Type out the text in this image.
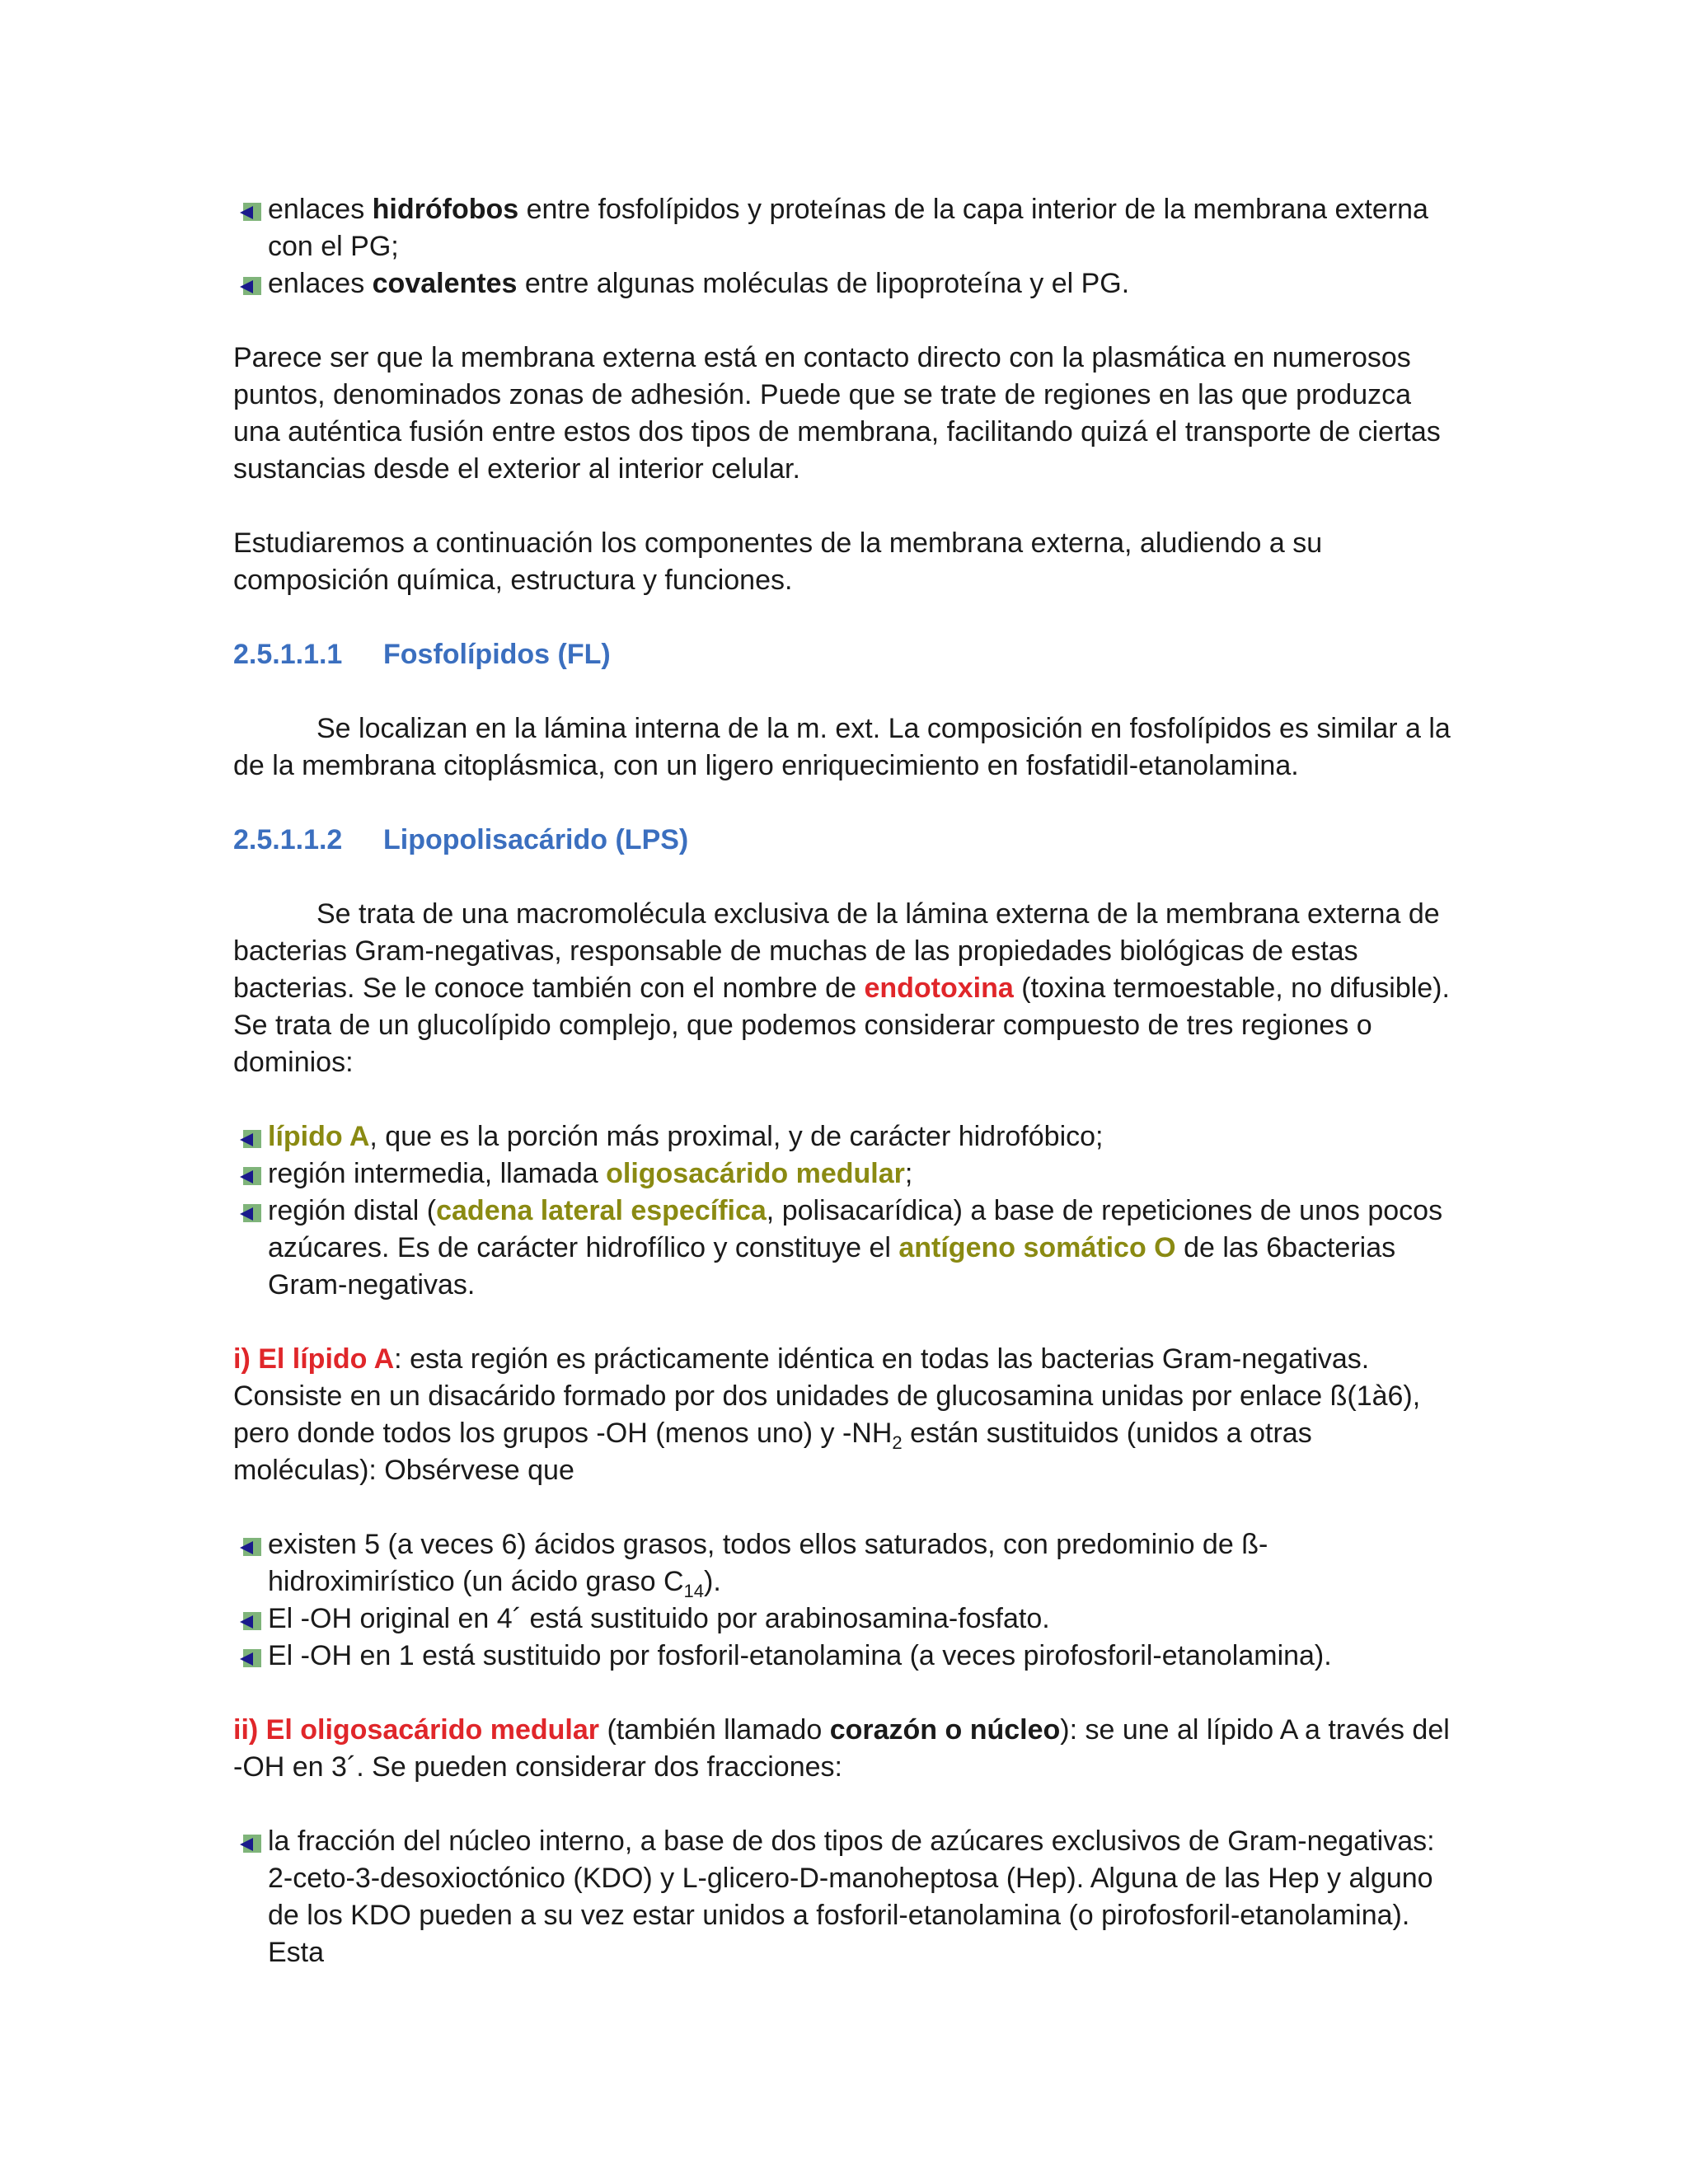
enlaces hidrófobos entre fosfolípidos y proteínas de la capa interior de la membrana externa con el PG;
enlaces covalentes entre algunas moléculas de lipoproteína y el PG.

Parece ser que la membrana externa está en contacto directo con la plasmática en numerosos puntos, denominados zonas de adhesión. Puede que se trate de regiones en las que produzca una auténtica fusión entre estos dos tipos de membrana, facilitando quizá el transporte de ciertas sustancias desde el exterior al interior celular.

Estudiaremos a continuación los componentes de la membrana externa, aludiendo a su composición química, estructura y funciones.

2.5.1.1.1 Fosfolípidos (FL)

Se localizan en la lámina interna de la m. ext. La composición en fosfolípidos es similar a la de la membrana citoplásmica, con un ligero enriquecimiento en fosfatidil-etanolamina.

2.5.1.1.2 Lipopolisacárido (LPS)

Se trata de una macromolécula exclusiva de la lámina externa de la membrana externa de bacterias Gram-negativas, responsable de muchas de las propiedades biológicas de estas bacterias. Se le conoce también con el nombre de endotoxina (toxina termoestable, no difusible). Se trata de un glucolípido complejo, que podemos considerar compuesto de tres regiones o dominios:

lípido A, que es la porción más proximal, y de carácter hidrofóbico;
región intermedia, llamada oligosacárido medular;
región distal (cadena lateral específica, polisacarídica) a base de repeticiones de unos pocos azúcares. Es de carácter hidrofílico y constituye el antígeno somático O de las 6bacterias Gram-negativas.

i) El lípido A: esta región es prácticamente idéntica en todas las bacterias Gram-negativas. Consiste en un disacárido formado por dos unidades de glucosamina unidas por enlace ß(1à6), pero donde todos los grupos -OH (menos uno) y $-NH_2$ están sustituidos (unidos a otras moléculas): Obsérvese que

existen 5 (a veces 6) ácidos grasos, todos ellos saturados, con predominio de ß-hidroximirístico (un ácido graso $C_{14}$).
El -OH original en 4´ está sustituido por arabinosamina-fosfato.
El -OH en 1 está sustituido por fosforil-etanolamina (a veces pirofosforil-etanolamina).

ii) El oligosacárido medular (también llamado corazón o núcleo): se une al lípido A a través del -OH en 3´. Se pueden considerar dos fracciones:

la fracción del núcleo interno, a base de dos tipos de azúcares exclusivos de Gram-negativas: 2-ceto-3-desoxioctónico (KDO) y L-glicero-D-manoheptosa (Hep). Alguna de las Hep y alguno de los KDO pueden a su vez estar unidos a fosforil-etanolamina (o pirofosforil-etanolamina). Esta
